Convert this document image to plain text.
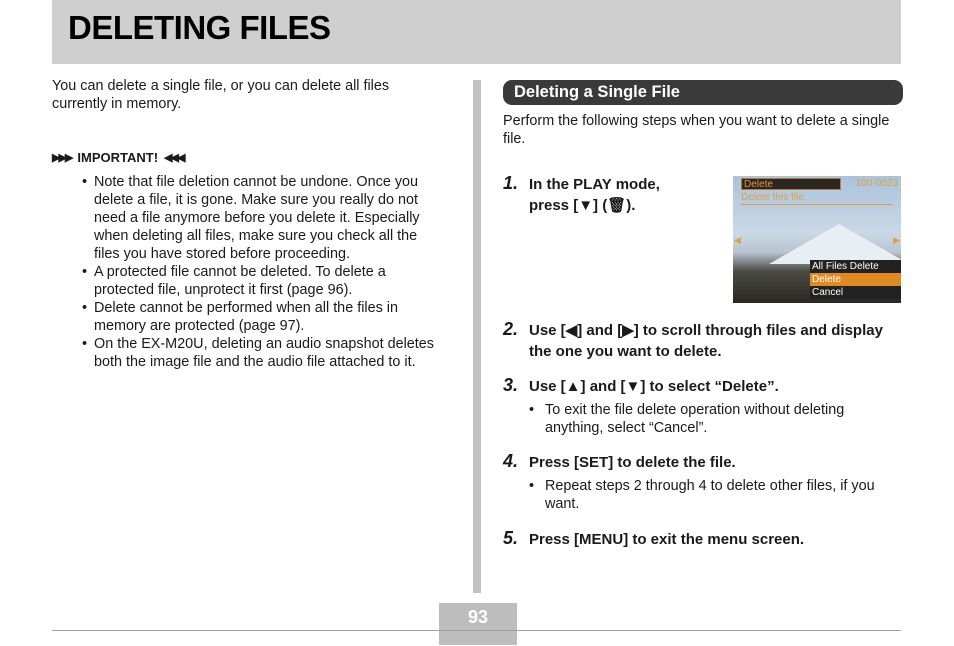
DELETING FILES

You can delete a single file, or you can delete all files currently in memory.

▶▶▶ IMPORTANT! ◀◀◀
• Note that file deletion cannot be undone. Once you delete a file, it is gone. Make sure you really do not need a file anymore before you delete it. Especially when deleting all files, make sure you check all the files you have stored before proceeding.
• A protected file cannot be deleted. To delete a protected file, unprotect it first (page 96).
• Delete cannot be performed when all the files in memory are protected (page 97).
• On the EX-M20U, deleting an audio snapshot deletes both the image file and the audio file attached to it.
Deleting a Single File

Perform the following steps when you want to delete a single file.

1. In the PLAY mode,
press [▼] (🗑).
Delete	100-0023
Delete this file.
◀	▶
All Files Delete
Delete
Cancel
2. Use [◀] and [▶] to scroll through files and display the one you want to delete.
3. Use [▲] and [▼] to select “Delete”.
• To exit the file delete operation without deleting anything, select “Cancel”.
4. Press [SET] to delete the file.
• Repeat steps 2 through 4 to delete other files, if you want.
5. Press [MENU] to exit the menu screen.
93
